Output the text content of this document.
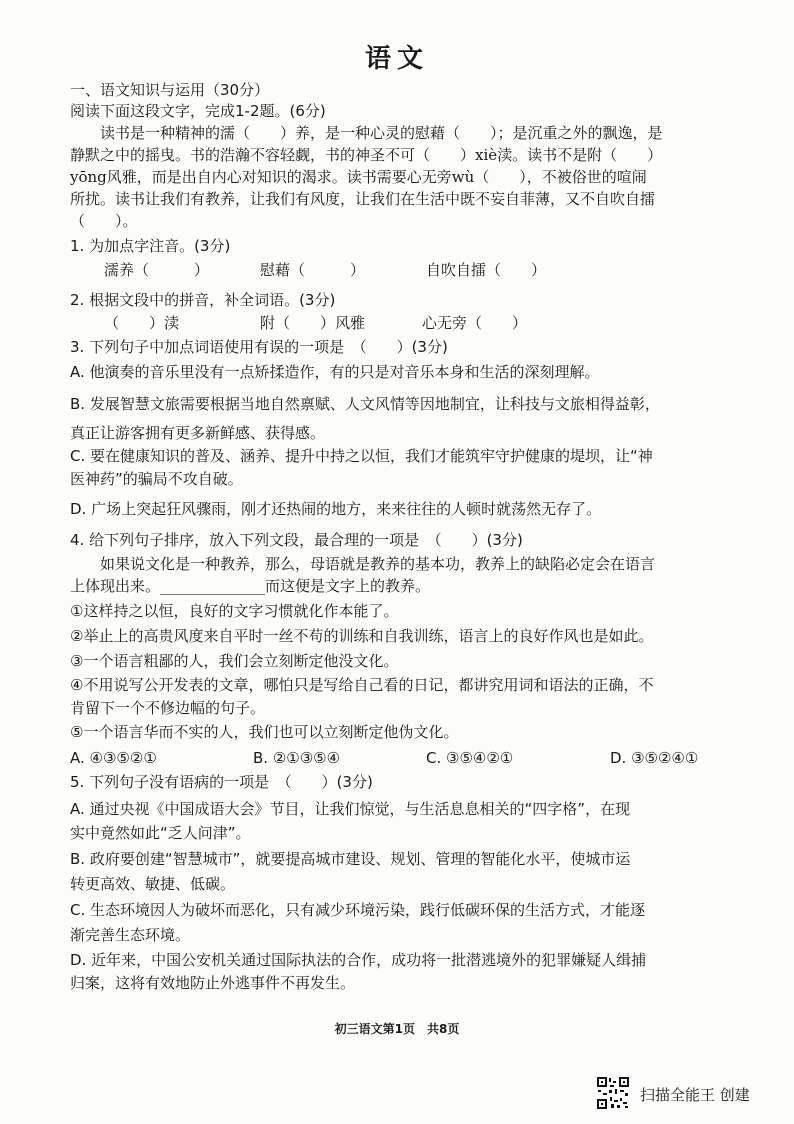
语文
一、语文知识与运用（30分）
阅读下面这段文字，完成1-2题。(6分)
读书是一种精神的濡（　　）养，是一种心灵的慰藉（　　）；是沉重之外的飘逸，是
静默之中的摇曳。书的浩瀚不容轻觑，书的神圣不可（　　）xiè渎。读书不是附（　　）
yōng风雅，而是出自内心对知识的渴求。读书需要心无旁wù（　　），不被俗世的喧闹
所扰。读书让我们有教养，让我们有风度，让我们在生活中既不妄自菲薄，又不自吹自擂
（　　）。
1. 为加点字注音。(3分)
濡养（　　　）	慰藉（　　　）	自吹自擂（　　）
2. 根据文段中的拼音，补全词语。(3分)
（　　）渎	附（　　）风雅	心无旁（　　）
3. 下列句子中加点词语使用有误的一项是　（　　）(3分)
A. 他演奏的音乐里没有一点矫揉造作，有的只是对音乐本身和生活的深刻理解。
B. 发展智慧文旅需要根据当地自然禀赋、人文风情等因地制宜，让科技与文旅相得益彰，
真正让游客拥有更多新鲜感、获得感。
C. 要在健康知识的普及、涵养、提升中持之以恒，我们才能筑牢守护健康的堤坝，让“神
医神药”的骗局不攻自破。
D. 广场上突起狂风骤雨，刚才还热闹的地方，来来往往的人顿时就荡然无存了。
4. 给下列句子排序，放入下列文段，最合理的一项是　（　　）(3分)
如果说文化是一种教养，那么，母语就是教养的基本功，教养上的缺陷必定会在语言
上体现出来。______________而这便是文字上的教养。
①这样持之以恒，良好的文字习惯就化作本能了。
②举止上的高贵风度来自平时一丝不苟的训练和自我训练，语言上的良好作风也是如此。
③一个语言粗鄙的人，我们会立刻断定他没文化。
④不用说写公开发表的文章，哪怕只是写给自己看的日记，都讲究用词和语法的正确，不
肯留下一个不修边幅的句子。
⑤一个语言华而不实的人，我们也可以立刻断定他伪文化。
A. ④③⑤②①	B. ②①③⑤④	C. ③⑤④②①	D. ③⑤②④①
5. 下列句子没有语病的一项是　（　　）(3分)
A. 通过央视《中国成语大会》节目，让我们惊觉，与生活息息相关的“四字格”，在现
实中竟然如此“乏人问津”。
B. 政府要创建“智慧城市”，就要提高城市建设、规划、管理的智能化水平，使城市运
转更高效、敏捷、低碳。
C. 生态环境因人为破坏而恶化，只有减少环境污染，践行低碳环保的生活方式，才能逐
渐完善生态环境。
D. 近年来，中国公安机关通过国际执法的合作，成功将一批潜逃境外的犯罪嫌疑人缉捕
归案，这将有效地防止外逃事件不再发生。
初三语文第1页　共8页
扫描全能王 创建
